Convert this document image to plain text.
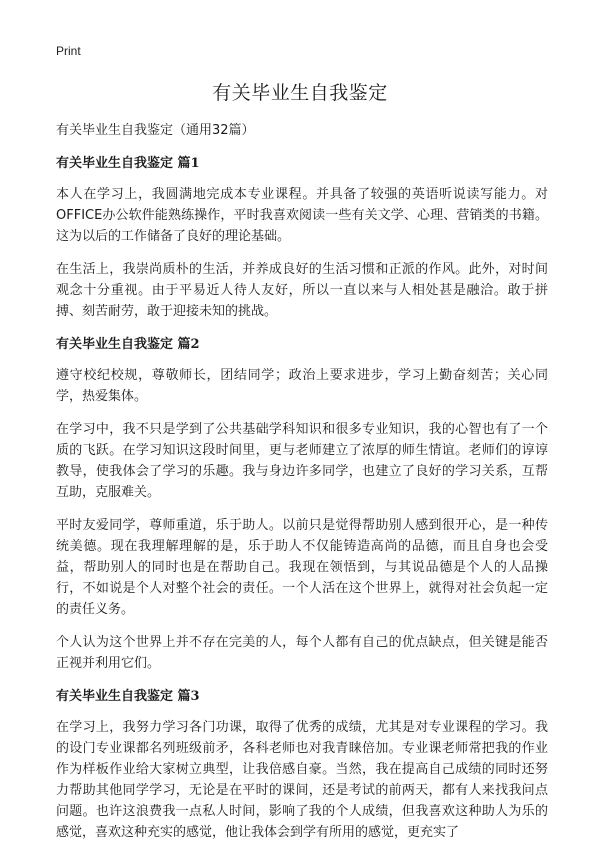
Print
有关毕业生自我鉴定

有关毕业生自我鉴定（通用32篇）

有关毕业生自我鉴定 篇1

本人在学习上，我圆满地完成本专业课程。并具备了较强的英语听说读写能力。对OFFICE办公软件能熟练操作，平时我喜欢阅读一些有关文学、心理、营销类的书籍。这为以后的工作储备了良好的理论基础。

在生活上，我崇尚质朴的生活，并养成良好的生活习惯和正派的作风。此外，对时间观念十分重视。由于平易近人待人友好，所以一直以来与人相处甚是融洽。敢于拼搏、刻苦耐劳，敢于迎接未知的挑战。

有关毕业生自我鉴定 篇2

遵守校纪校规，尊敬师长，团结同学；政治上要求进步，学习上勤奋刻苦；关心同学，热爱集体。

在学习中，我不只是学到了公共基础学科知识和很多专业知识，我的心智也有了一个质的飞跃。在学习知识这段时间里，更与老师建立了浓厚的师生情谊。老师们的谆谆教导，使我体会了学习的乐趣。我与身边许多同学，也建立了良好的学习关系，互帮互助，克服难关。

平时友爱同学，尊师重道，乐于助人。以前只是觉得帮助别人感到很开心，是一种传统美德。现在我理解理解的是，乐于助人不仅能铸造高尚的品德，而且自身也会受益，帮助别人的同时也是在帮助自己。我现在领悟到，与其说品德是个人的人品操行，不如说是个人对整个社会的责任。一个人活在这个世界上，就得对社会负起一定的责任义务。

个人认为这个世界上并不存在完美的人，每个人都有自己的优点缺点，但关键是能否正视并利用它们。

有关毕业生自我鉴定 篇3

在学习上，我努力学习各门功课，取得了优秀的成绩，尤其是对专业课程的学习。我的设门专业课都名列班级前矛，各科老师也对我青睐倍加。专业课老师常把我的作业作为样板作业给大家树立典型，让我倍感自豪。当然，我在提高自己成绩的同时还努力帮助其他同学学习，无论是在平时的课间，还是考试的前两天，都有人来找我问点问题。也许这浪费我一点私人时间，影响了我的个人成绩，但我喜欢这种助人为乐的感觉，喜欢这种充实的感觉，他让我体会到学有所用的感觉，更充实了
